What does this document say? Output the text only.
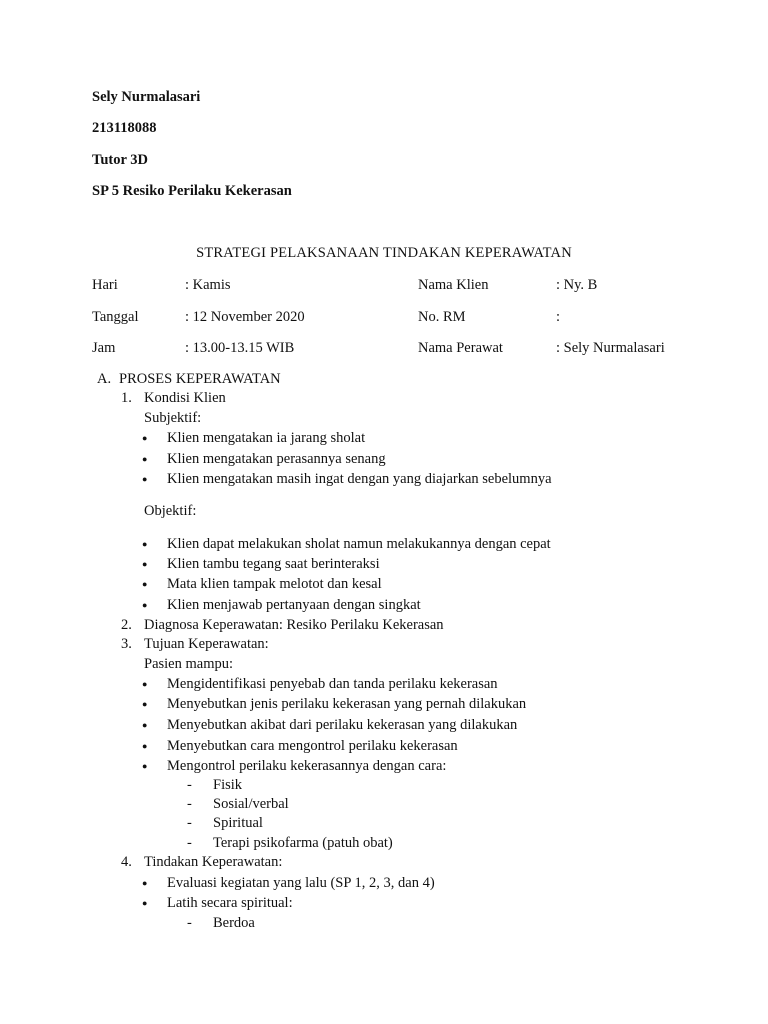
Sely Nurmalasari
213118088
Tutor 3D
SP 5 Resiko Perilaku Kekerasan
STRATEGI PELAKSANAAN TINDAKAN KEPERAWATAN
Hari	: Kamis	Nama Klien	: Ny. B
Tanggal	: 12 November 2020	No. RM	:
Jam	: 13.00-13.15 WIB	Nama Perawat	: Sely Nurmalasari
A. PROSES KEPERAWATAN
1. Kondisi Klien
Subjektif:
● Klien mengatakan ia jarang sholat
● Klien mengatakan perasannya senang
● Klien mengatakan masih ingat dengan yang diajarkan sebelumnya
Objektif:
● Klien dapat melakukan sholat namun melakukannya dengan cepat
● Klien tambu tegang saat berinteraksi
● Mata klien tampak melotot dan kesal
● Klien menjawab pertanyaan dengan singkat
2. Diagnosa Keperawatan: Resiko Perilaku Kekerasan
3. Tujuan Keperawatan:
Pasien mampu:
● Mengidentifikasi penyebab dan tanda perilaku kekerasan
● Menyebutkan jenis perilaku kekerasan yang pernah dilakukan
● Menyebutkan akibat dari perilaku kekerasan yang dilakukan
● Menyebutkan cara mengontrol perilaku kekerasan
● Mengontrol perilaku kekerasannya dengan cara:
- Fisik
- Sosial/verbal
- Spiritual
- Terapi psikofarma (patuh obat)
4. Tindakan Keperawatan:
● Evaluasi kegiatan yang lalu (SP 1, 2, 3, dan 4)
● Latih secara spiritual:
- Berdoa
